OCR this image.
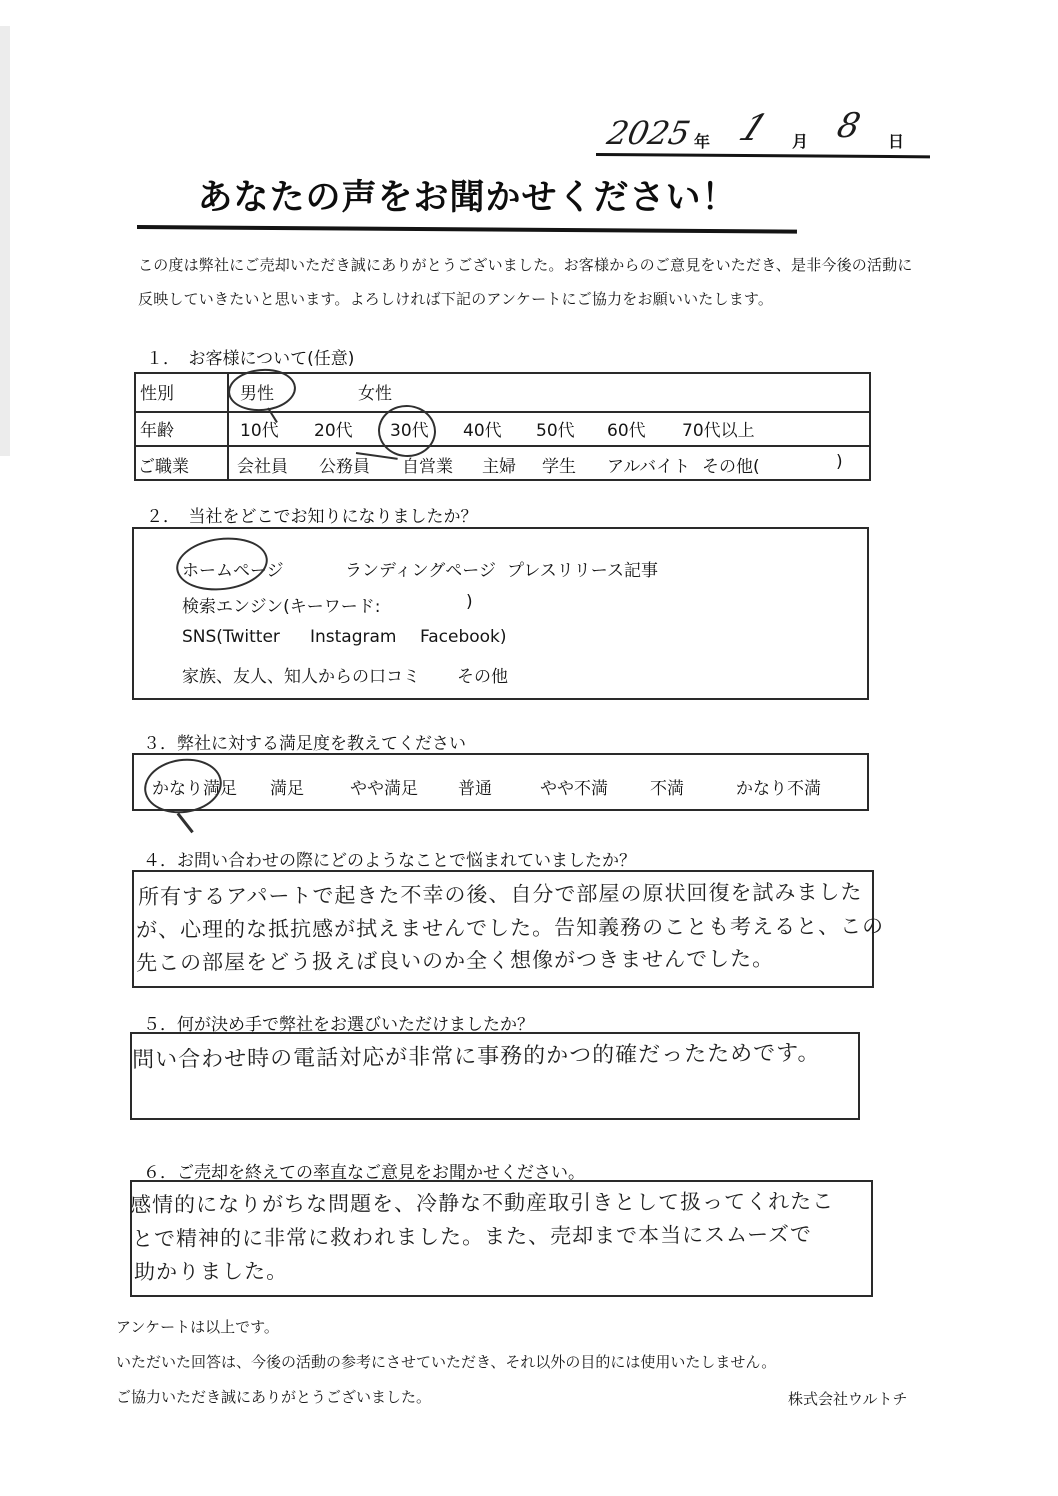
2025 年 1 月 8 日
あなたの声をお聞かせください！
この度は弊社にご売却いただき誠にありがとうございました。お客様からのご意見をいただき、是非今後の活動に
反映していきたいと思います。よろしければ下記のアンケートにご協力をお願いいたします。
１．　お客様について(任意)
性別	男性	女性
年齢	10代 20代 30代 40代 50代 60代 70代以上
ご職業	会社員 公務員 自営業 主婦 学生 アルバイト その他(	)
２．　当社をどこでお知りになりましたか？
ホームページ	ランディングページ プレスリリース記事
検索エンジン(キーワード:	)
SNS(Twitter Instagram Facebook)
家族、友人、知人からの口コミ その他
３．弊社に対する満足度を教えてください
かなり満足 満足	やや満足 普通	やや不満 不満	かなり不満
４．お問い合わせの際にどのようなことで悩まれていましたか？
所有するアパートで起きた不幸の後、自分で部屋の原状回復を試みました
が、心理的な抵抗感が拭えませんでした。告知義務のことも考えると、この
先この部屋をどう扱えば良いのか全く想像がつきませんでした。
５．何が決め手で弊社をお選びいただけましたか？
問い合わせ時の電話対応が非常に事務的かつ的確だったためです。
６．ご売却を終えての率直なご意見をお聞かせください。
感情的になりがちな問題を、冷静な不動産取引きとして扱ってくれたこ
とで精神的に非常に救われました。また、売却まで本当にスムーズで
助かりました。
アンケートは以上です。
いただいた回答は、今後の活動の参考にさせていただき、それ以外の目的には使用いたしません。
ご協力いただき誠にありがとうございました。	株式会社ウルトチ
